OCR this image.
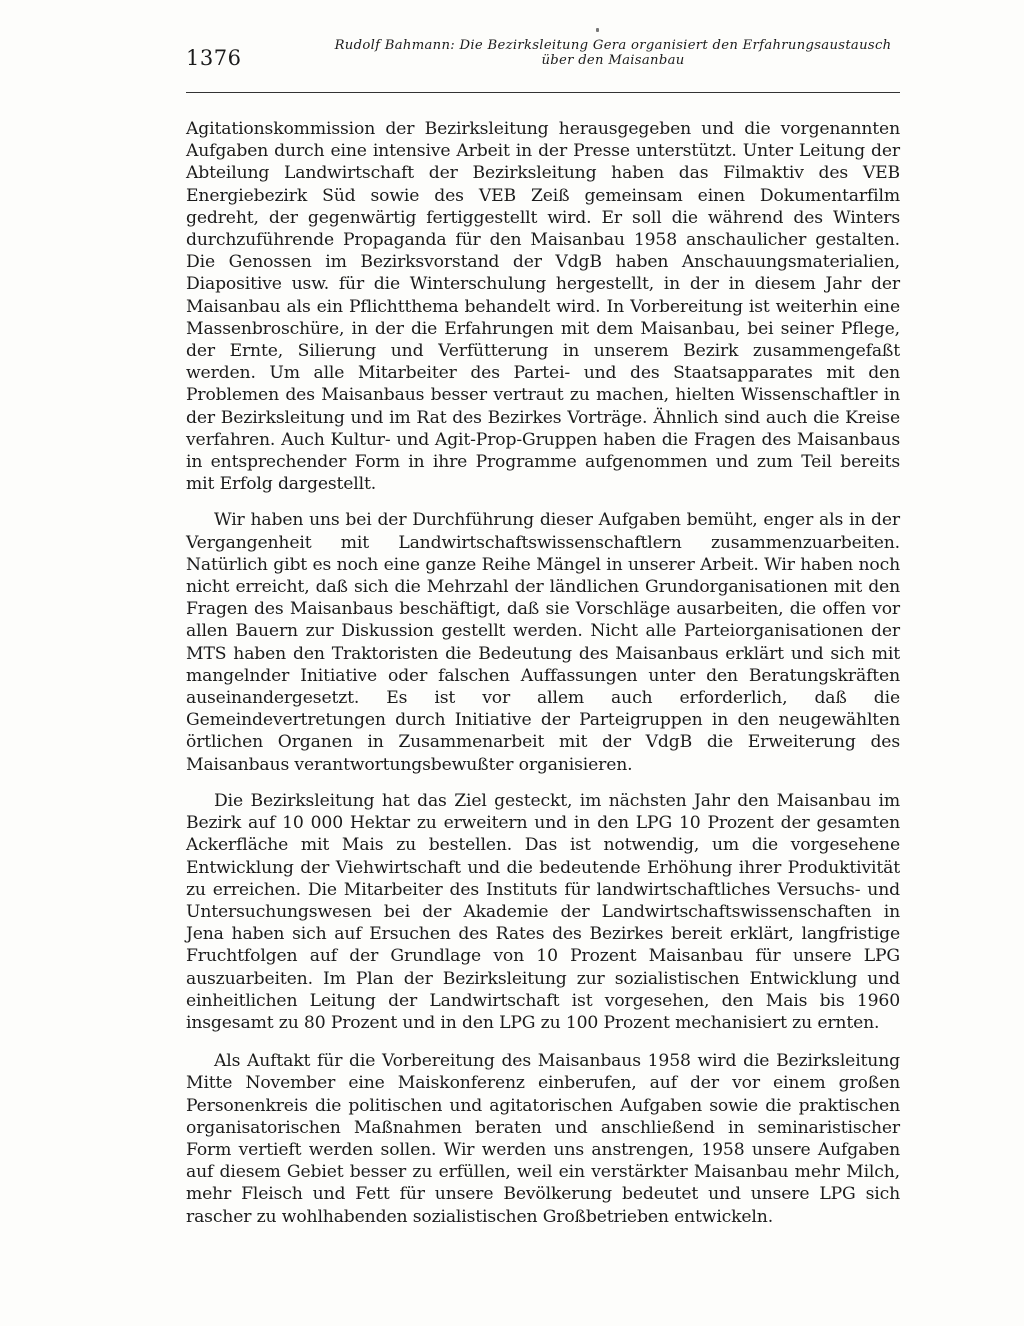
1376
Rudolf Bahmann: Die Bezirksleitung Gera organisiert den Erfahrungsaustausch
über den Maisanbau

Agitationskommission der Bezirksleitung herausgegeben und die vorgenannten Aufgaben durch eine intensive Arbeit in der Presse unterstützt. Unter Leitung der Abteilung Landwirtschaft der Bezirksleitung haben das Filmaktiv des VEB Energiebezirk Süd sowie des VEB Zeiß gemeinsam einen Dokumentarfilm gedreht, der gegenwärtig fertiggestellt wird. Er soll die während des Winters durchzuführende Propaganda für den Maisanbau 1958 anschaulicher gestalten. Die Genossen im Bezirksvorstand der VdgB haben Anschauungsmaterialien, Diapositive usw. für die Winterschulung hergestellt, in der in diesem Jahr der Maisanbau als ein Pflichtthema behandelt wird. In Vorbereitung ist weiterhin eine Massenbroschüre, in der die Erfahrungen mit dem Maisanbau, bei seiner Pflege, der Ernte, Silierung und Verfütterung in unserem Bezirk zusammengefaßt werden. Um alle Mitarbeiter des Partei- und des Staatsapparates mit den Problemen des Maisanbaus besser vertraut zu machen, hielten Wissenschaftler in der Bezirksleitung und im Rat des Bezirkes Vorträge. Ähnlich sind auch die Kreise verfahren. Auch Kultur- und Agit-Prop-Gruppen haben die Fragen des Maisanbaus in entsprechender Form in ihre Programme aufgenommen und zum Teil bereits mit Erfolg dargestellt.

Wir haben uns bei der Durchführung dieser Aufgaben bemüht, enger als in der Vergangenheit mit Landwirtschaftswissenschaftlern zusammenzuarbeiten. Natürlich gibt es noch eine ganze Reihe Mängel in unserer Arbeit. Wir haben noch nicht erreicht, daß sich die Mehrzahl der ländlichen Grundorganisationen mit den Fragen des Maisanbaus beschäftigt, daß sie Vorschläge ausarbeiten, die offen vor allen Bauern zur Diskussion gestellt werden. Nicht alle Parteiorganisationen der MTS haben den Traktoristen die Bedeutung des Maisanbaus erklärt und sich mit mangelnder Initiative oder falschen Auffassungen unter den Beratungskräften auseinandergesetzt. Es ist vor allem auch erforderlich, daß die Gemeindevertretungen durch Initiative der Parteigruppen in den neugewählten örtlichen Organen in Zusammenarbeit mit der VdgB die Erweiterung des Maisanbaus verantwortungsbewußter organisieren.

Die Bezirksleitung hat das Ziel gesteckt, im nächsten Jahr den Maisanbau im Bezirk auf 10 000 Hektar zu erweitern und in den LPG 10 Prozent der gesamten Ackerfläche mit Mais zu bestellen. Das ist notwendig, um die vorgesehene Entwicklung der Viehwirtschaft und die bedeutende Erhöhung ihrer Produktivität zu erreichen. Die Mitarbeiter des Instituts für landwirtschaftliches Versuchs- und Untersuchungswesen bei der Akademie der Landwirtschaftswissenschaften in Jena haben sich auf Ersuchen des Rates des Bezirkes bereit erklärt, langfristige Fruchtfolgen auf der Grundlage von 10 Prozent Maisanbau für unsere LPG auszuarbeiten. Im Plan der Bezirksleitung zur sozialistischen Entwicklung und einheitlichen Leitung der Landwirtschaft ist vorgesehen, den Mais bis 1960 insgesamt zu 80 Prozent und in den LPG zu 100 Prozent mechanisiert zu ernten.

Als Auftakt für die Vorbereitung des Maisanbaus 1958 wird die Bezirksleitung Mitte November eine Maiskonferenz einberufen, auf der vor einem großen Personenkreis die politischen und agitatorischen Aufgaben sowie die praktischen organisatorischen Maßnahmen beraten und anschließend in seminaristischer Form vertieft werden sollen. Wir werden uns anstrengen, 1958 unsere Aufgaben auf diesem Gebiet besser zu erfüllen, weil ein verstärkter Maisanbau mehr Milch, mehr Fleisch und Fett für unsere Bevölkerung bedeutet und unsere LPG sich rascher zu wohlhabenden sozialistischen Großbetrieben entwickeln.
